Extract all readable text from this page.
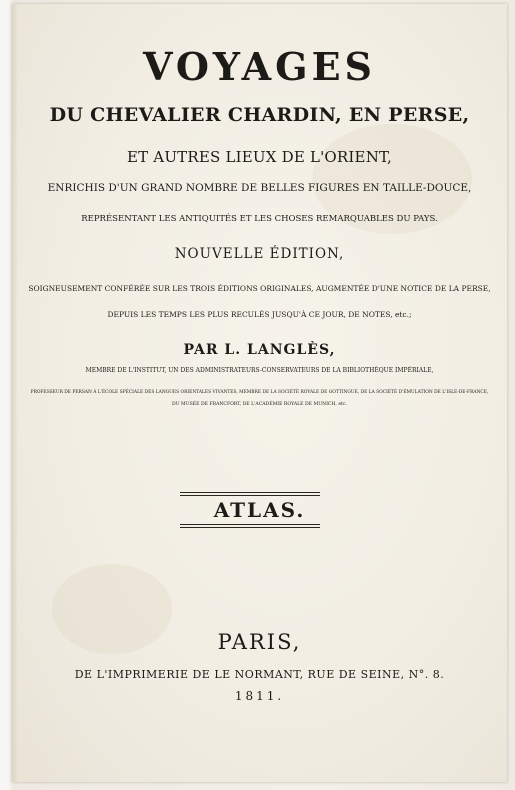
VOYAGES
DU CHEVALIER CHARDIN, EN PERSE,
ET AUTRES LIEUX DE L'ORIENT,
ENRICHIS D'UN GRAND NOMBRE DE BELLES FIGURES EN TAILLE-DOUCE,
REPRÉSENTANT LES ANTIQUITÉS ET LES CHOSES REMARQUABLES DU PAYS.
NOUVELLE ÉDITION,
SOIGNEUSEMENT CONFÉRÉE SUR LES TROIS ÉDITIONS ORIGINALES, AUGMENTÉE D'UNE NOTICE DE LA PERSE,
DEPUIS LES TEMPS LES PLUS RECULÉS JUSQU'À CE JOUR, DE NOTES, etc.;
PAR L. LANGLÈS,
MEMBRE DE L'INSTITUT, UN DES ADMINISTRATEURS-CONSERVATEURS DE LA BIBLIOTHÈQUE IMPÉRIALE,
PROFESSEUR DE PERSAN À L'ÉCOLE SPÉCIALE DES LANGUES ORIENTALES VIVANTES, MEMBRE DE LA SOCIÉTÉ ROYALE DE GOTTINGUE, DE LA SOCIÉTÉ D'ÉMULATION DE L'ISLE-DE-FRANCE,
DU MUSÉE DE FRANCFORT, DE L'ACADÉMIE ROYALE DE MUNICH, etc.
ATLAS.
PARIS,
DE L'IMPRIMERIE DE LE NORMANT, RUE DE SEINE, N°. 8.
1811.
